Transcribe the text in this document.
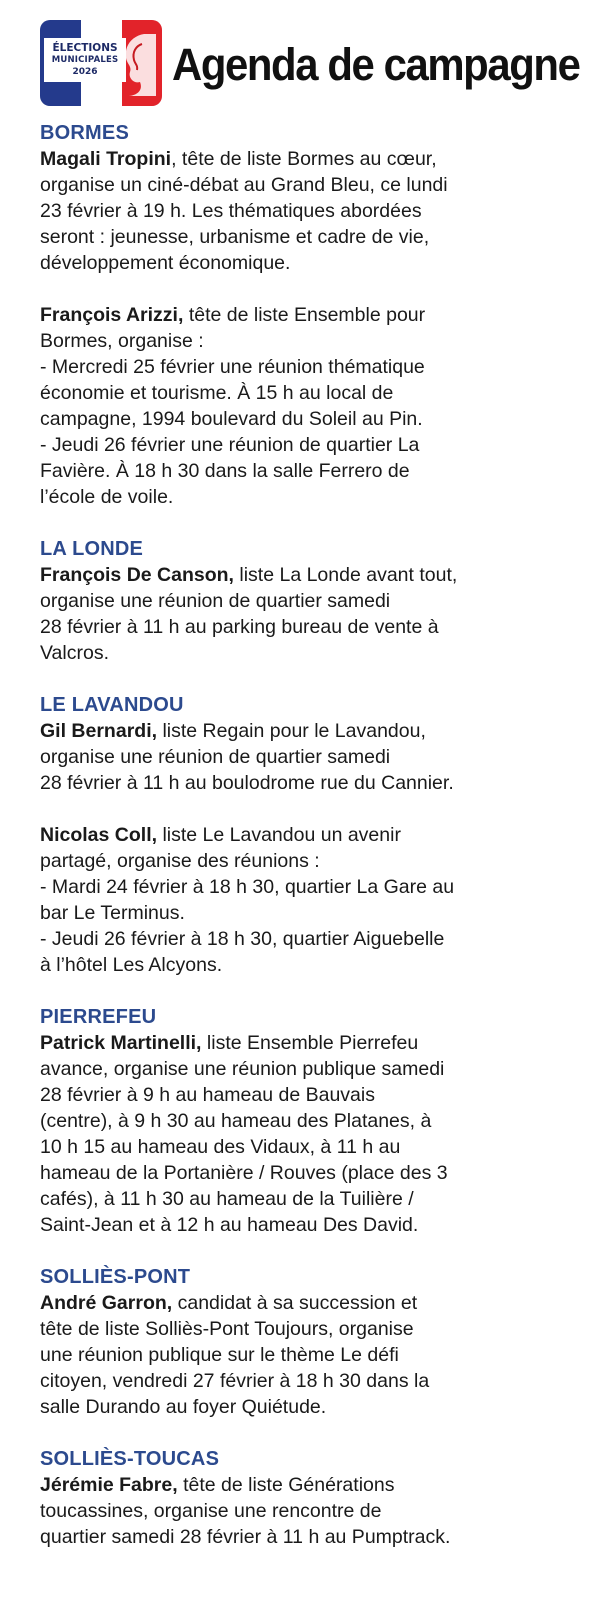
ÉLECTIONS
MUNICIPALES
2026	Agenda de campagne
BORMES

Magali Tropini, tête de liste Bormes au cœur,
organise un ciné-débat au Grand Bleu, ce lundi
23 février à 19 h. Les thématiques abordées
seront : jeunesse, urbanisme et cadre de vie,
développement économique.

François Arizzi, tête de liste Ensemble pour
Bormes, organise :
- Mercredi 25 février une réunion thématique
économie et tourisme. À 15 h au local de
campagne, 1994 boulevard du Soleil au Pin.
- Jeudi 26 février une réunion de quartier La
Favière. À 18 h 30 dans la salle Ferrero de
l’école de voile.

LA LONDE

François De Canson, liste La Londe avant tout,
organise une réunion de quartier samedi
28 février à 11 h au parking bureau de vente à
Valcros.

LE LAVANDOU

Gil Bernardi, liste Regain pour le Lavandou,
organise une réunion de quartier samedi
28 février à 11 h au boulodrome rue du Cannier.

Nicolas Coll, liste Le Lavandou un avenir
partagé, organise des réunions :
- Mardi 24 février à 18 h 30, quartier La Gare au
bar Le Terminus.
- Jeudi 26 février à 18 h 30, quartier Aiguebelle
à l’hôtel Les Alcyons.

PIERREFEU

Patrick Martinelli, liste Ensemble Pierrefeu
avance, organise une réunion publique samedi
28 février à 9 h au hameau de Bauvais
(centre), à 9 h 30 au hameau des Platanes, à
10 h 15 au hameau des Vidaux, à 11 h au
hameau de la Portanière / Rouves (place des 3
cafés), à 11 h 30 au hameau de la Tuilière /
Saint-Jean et à 12 h au hameau Des David.

SOLLIÈS-PONT

André Garron, candidat à sa succession et
tête de liste Solliès-Pont Toujours, organise
une réunion publique sur le thème Le défi
citoyen, vendredi 27 février à 18 h 30 dans la
salle Durando au foyer Quiétude.

SOLLIÈS-TOUCAS

Jérémie Fabre, tête de liste Générations
toucassines, organise une rencontre de
quartier samedi 28 février à 11 h au Pumptrack.
